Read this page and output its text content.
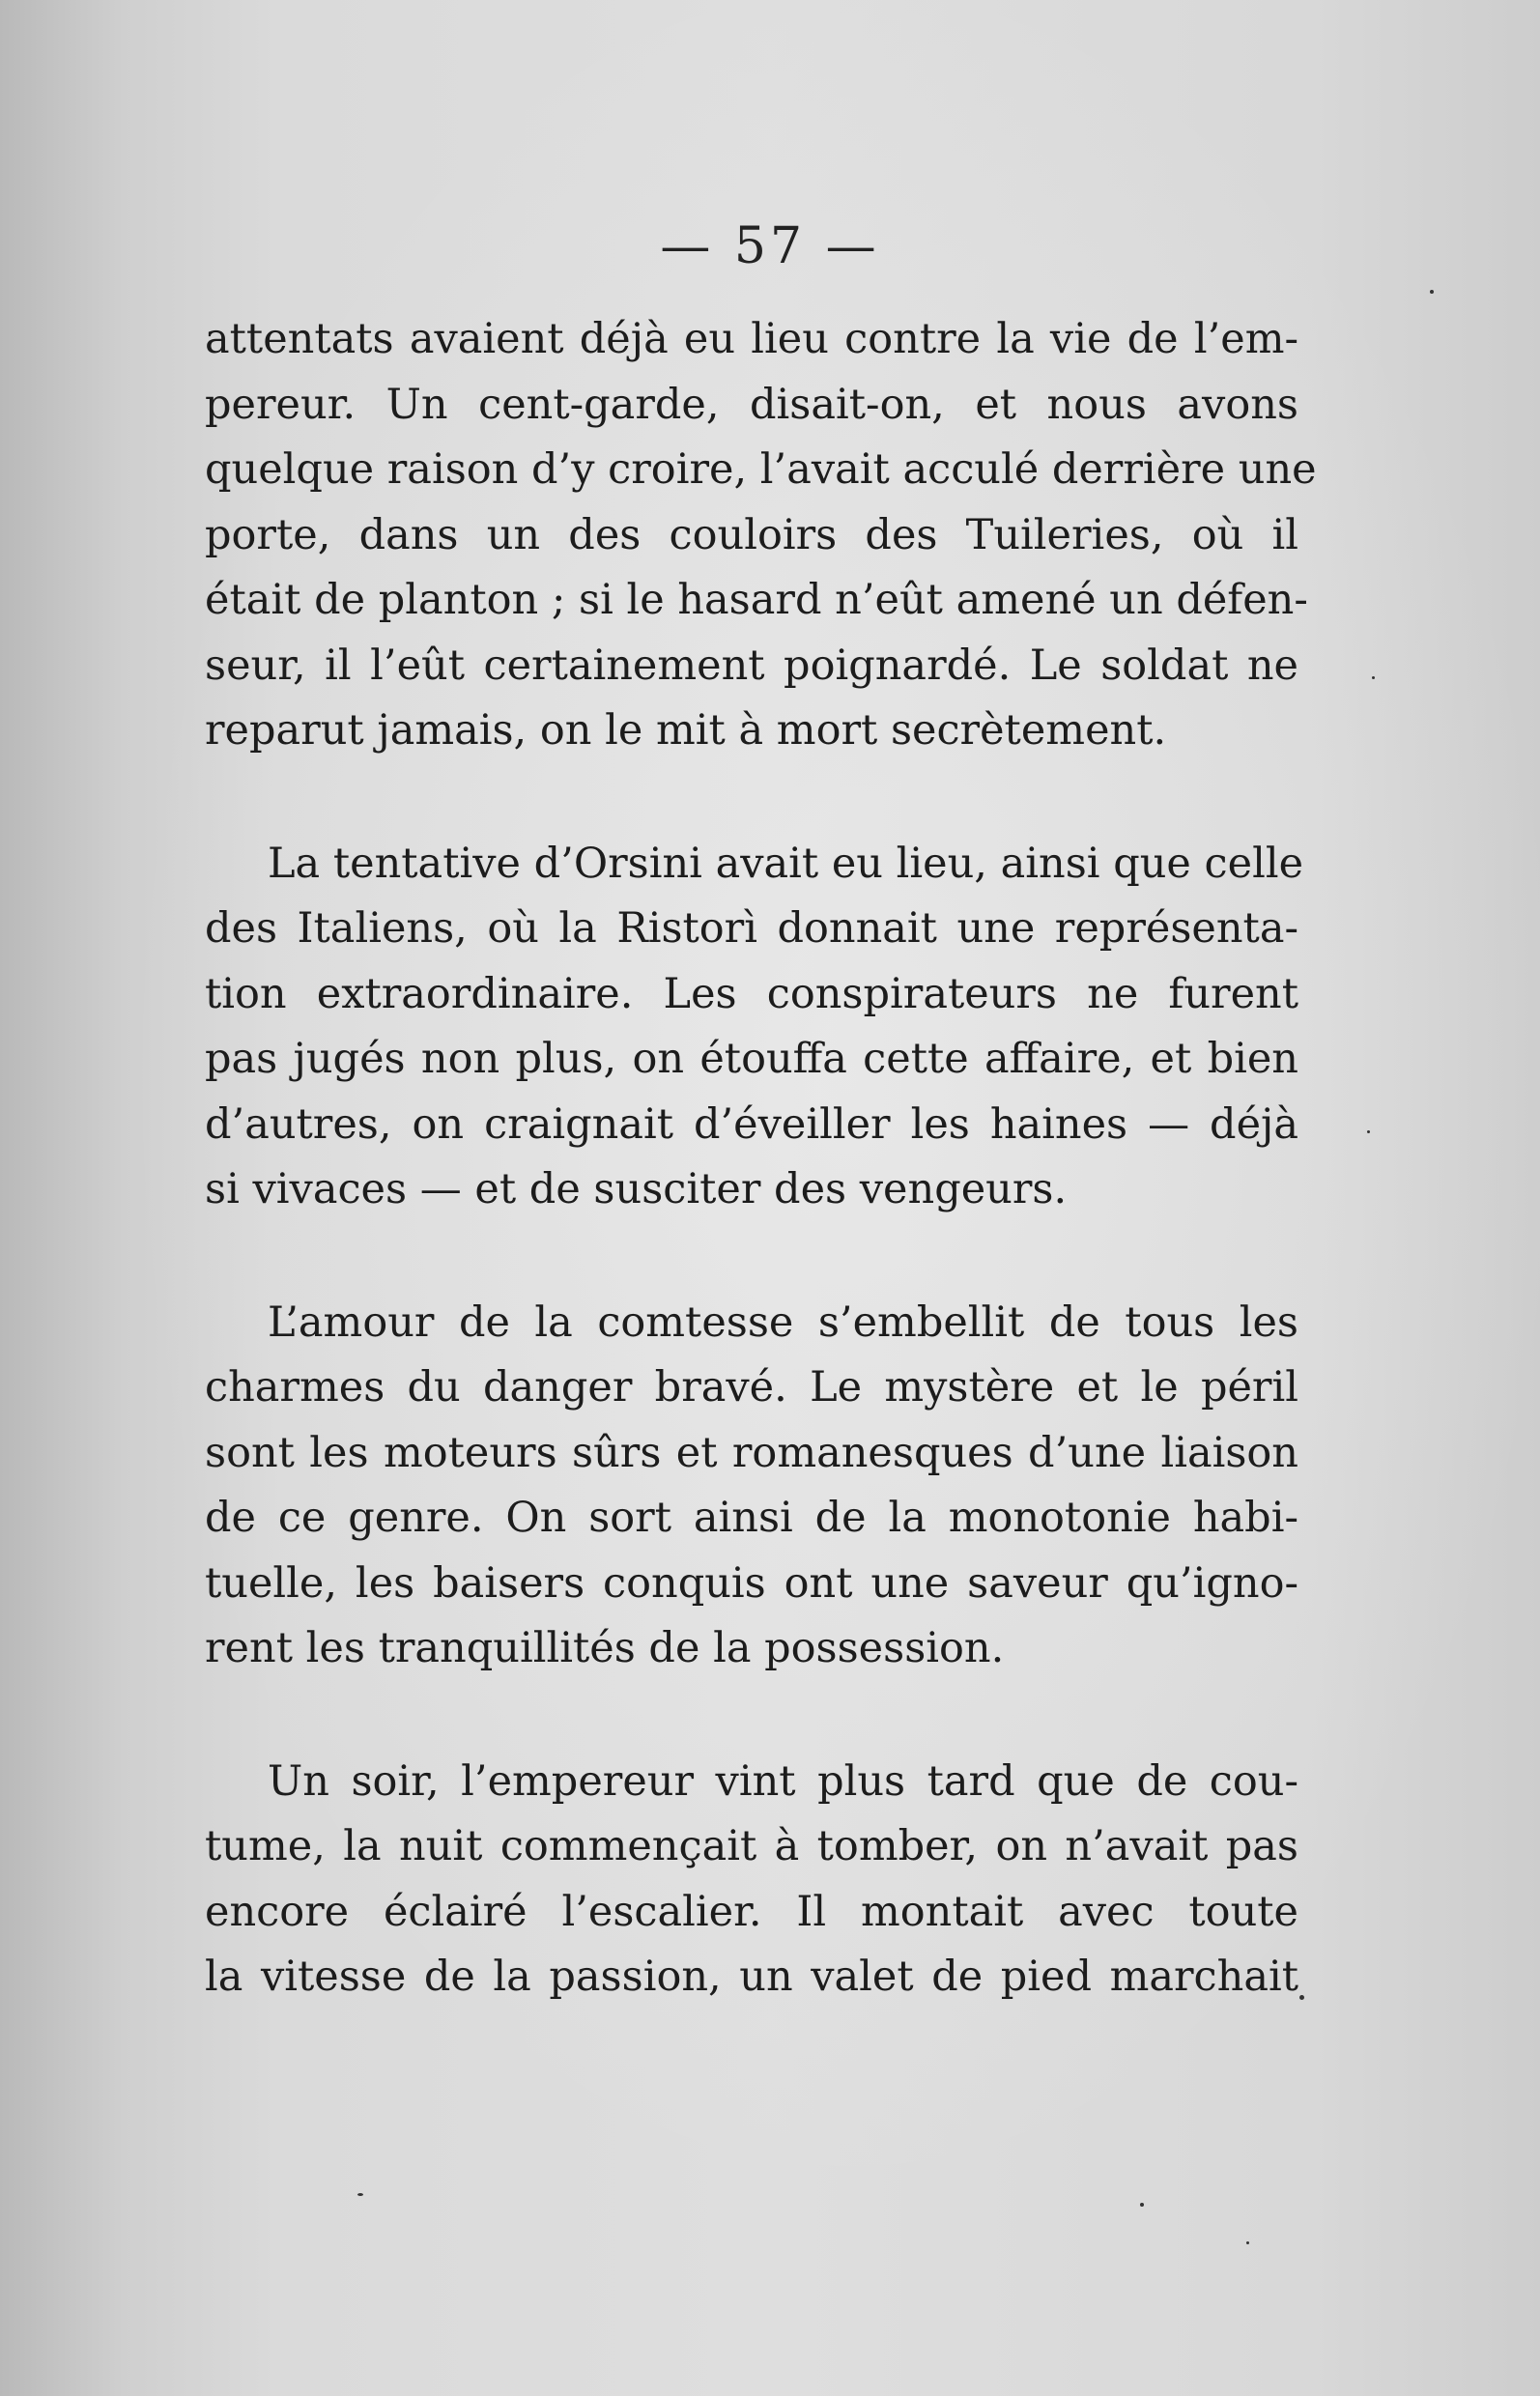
— 57 —
attentats avaient déjà eu lieu contre la vie de l’em-
pereur. Un cent-garde, disait-on, et nous avons
quelque raison d’y croire, l’avait acculé derrière une
porte, dans un des couloirs des Tuileries, où il
était de planton ; si le hasard n’eût amené un défen-
seur, il l’eût certainement poignardé. Le soldat ne
reparut jamais, on le mit à mort secrètement.
La tentative d’Orsini avait eu lieu, ainsi que celle
des Italiens, où la Ristorì donnait une représenta-
tion extraordinaire. Les conspirateurs ne furent
pas jugés non plus, on étouffa cette affaire, et bien
d’autres, on craignait d’éveiller les haines — déjà
si vivaces — et de susciter des vengeurs.
L’amour de la comtesse s’embellit de tous les
charmes du danger bravé. Le mystère et le péril
sont les moteurs sûrs et romanesques d’une liaison
de ce genre. On sort ainsi de la monotonie habi-
tuelle, les baisers conquis ont une saveur qu’igno-
rent les tranquillités de la possession.
Un soir, l’empereur vint plus tard que de cou-
tume, la nuit commençait à tomber, on n’avait pas
encore éclairé l’escalier. Il montait avec toute
la vitesse de la passion, un valet de pied marchait
